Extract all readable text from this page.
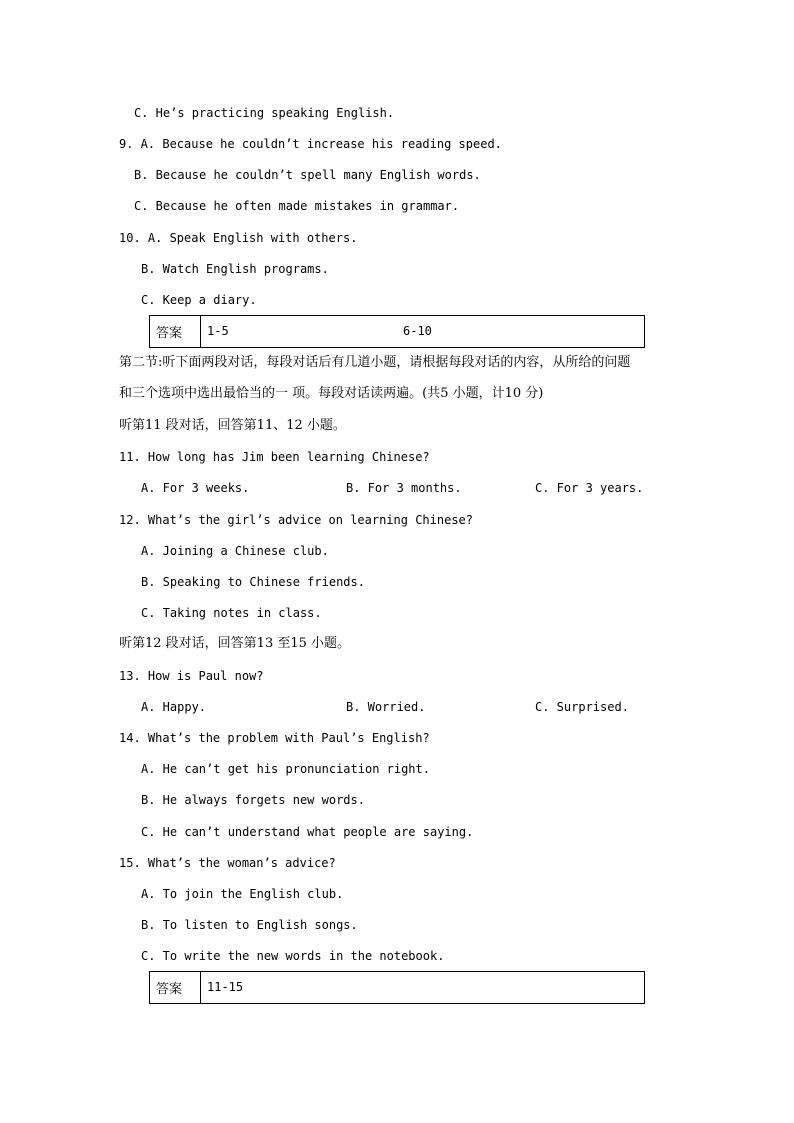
C. He’s practicing speaking English.
9. A. Because he couldn’t increase his reading speed.
B. Because he couldn’t spell many English words.
C. Because he often made mistakes in grammar.
10. A. Speak English with others.
B. Watch English programs.
C. Keep a diary.
答案	1-5	6-10
第二节:听下面两段对话，每段对话后有几道小题，请根据每段对话的内容，从所给的问题
和三个选项中选出最恰当的一 项。每段对话读两遍。(共5 小题，计10 分)
听第11 段对话，回答第11、12 小题。
11. How long has Jim been learning Chinese?
A. For 3 weeks.	B. For 3 months.	C. For 3 years.
12. What’s the girl’s advice on learning Chinese?
A. Joining a Chinese club.
B. Speaking to Chinese friends.
C. Taking notes in class.
听第12 段对话，回答第13 至15 小题。
13. How is Paul now?
A. Happy.	B. Worried.	C. Surprised.
14. What’s the problem with Paul’s English?
A. He can’t get his pronunciation right.
B. He always forgets new words.
C. He can’t understand what people are saying.
15. What’s the woman’s advice?
A. To join the English club.
B. To listen to English songs.
C. To write the new words in the notebook.
答案	11-15
